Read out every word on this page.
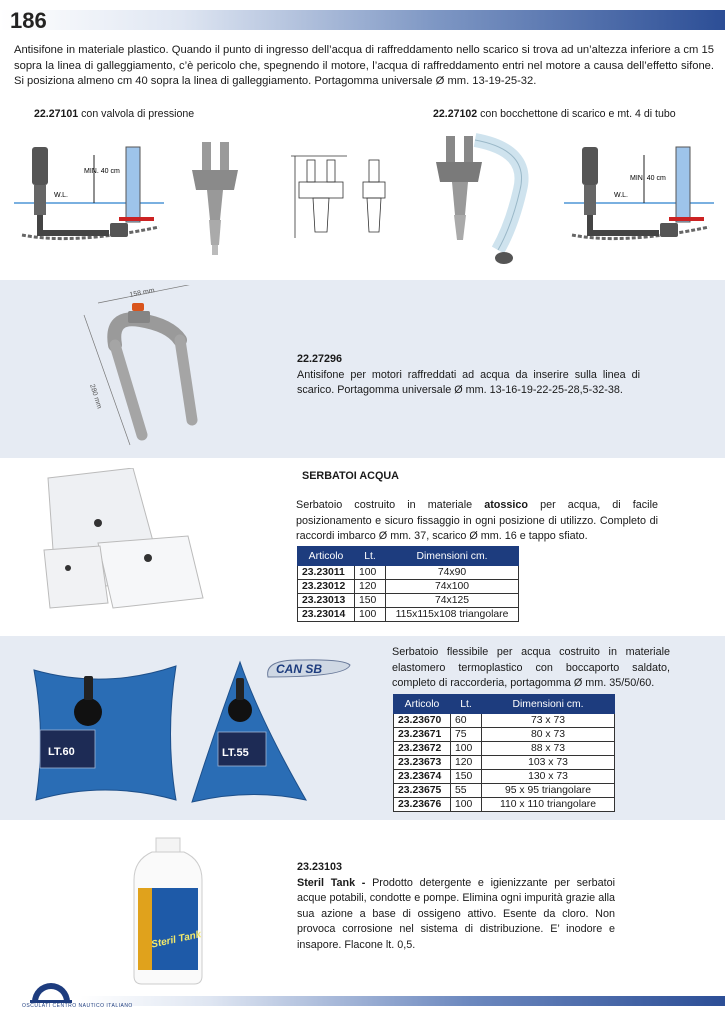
186
Antisifone in materiale plastico. Quando il punto di ingresso dell’acqua di raffreddamento nello scarico si trova ad un’altezza inferiore a cm 15 sopra la linea di galleggiamento, c’è pericolo che, spegnendo il motore, l’acqua di raffreddamento entri nel motore a causa dell’effetto sifone. Si posiziona almeno cm 40 sopra la linea di galleggiamento. Portagomma universale Ø mm. 13-19-25-32.
22.27101 con valvola di pressione	22.27102 con bocchettone di scarico e mt. 4 di tubo
MIN. 40 cm
W.L.
MIN. 40 cm
W.L.
158 mm
280 mm
22.27296
Antisifone per motori raffreddati ad acqua da inserire sulla linea di scarico. Portagomma universale Ø mm. 13-16-19-22-25-28,5-32-38.
SERBATOI ACQUA
Serbatoio costruito in materiale atossico per acqua, di facile posizionamento e sicuro fissaggio in ogni posizione di utilizzo. Completo di raccordi imbarco Ø mm. 37, scarico Ø mm. 16 e tappo sfiato.
Articolo	Lt.	Dimensioni cm.
23.23011	100	74x90
23.23012	120	74x100
23.23013	150	74x125
23.23014	100	115x115x108 triangolare
LT.60	LT.55
CAN SB
Serbatoio flessibile per acqua costruito in materiale elastomero termoplastico con boccaporto saldato, completo di raccorderia, portagomma Ø mm. 35/50/60.
Articolo	Lt.	Dimensioni cm.
23.23670	60	73 x 73
23.23671	75	80 x 73
23.23672	100	88 x 73
23.23673	120	103 x 73
23.23674	150	130 x 73
23.23675	55	95 x 95 triangolare
23.23676	100	110 x 110 triangolare
Steril Tank
23.23103
Steril Tank - Prodotto detergente e igienizzante per serbatoi acque potabili, condotte e pompe. Elimina ogni impurità grazie alla sua azione a base di ossigeno attivo. Esente da cloro. Non provoca corrosione nel sistema di distribuzione. E’ inodore e insapore. Flacone lt. 0,5.
OSCULATI CENTRO NAUTICO ITALIANO
